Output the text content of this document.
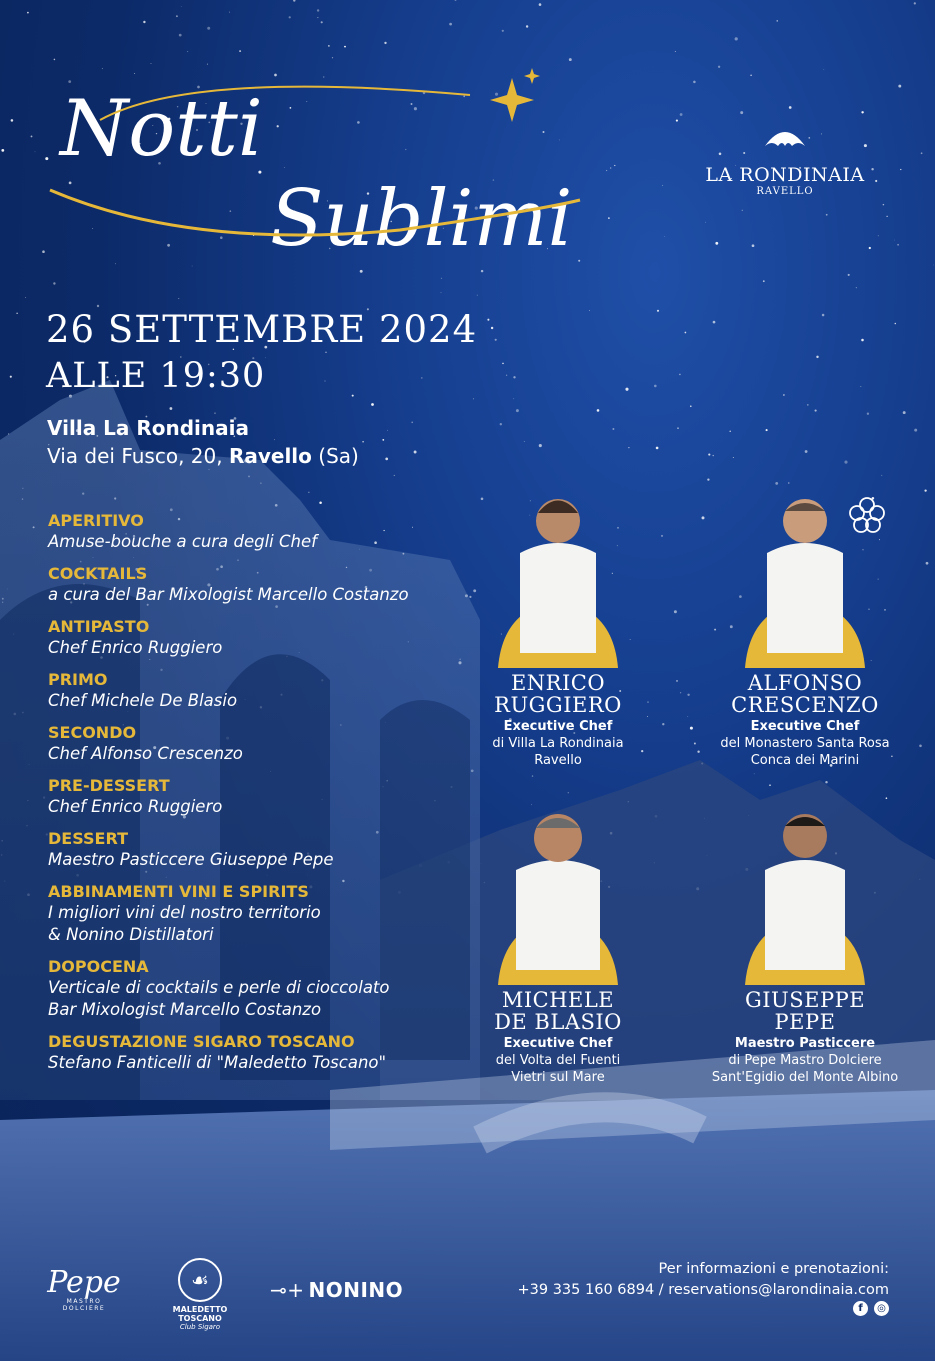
Notti
Sublimi	LA RONDINAIA
RAVELLO
26 SETTEMBRE 2024
ALLE 19:30
Villa La Rondinaia
Via dei Fusco, 20, Ravello (Sa)
APERITIVO
Amuse-bouche a cura degli Chef
COCKTAILS
a cura del Bar Mixologist Marcello Costanzo
ANTIPASTO
Chef Enrico Ruggiero
PRIMO
Chef Michele De Blasio
SECONDO
Chef Alfonso Crescenzo
PRE-DESSERT
Chef Enrico Ruggiero
DESSERT
Maestro Pasticcere Giuseppe Pepe
ABBINAMENTI VINI E SPIRITS
I migliori vini del nostro territorio
& Nonino Distillatori
DOPOCENA
Verticale di cocktails e perle di cioccolato
Bar Mixologist Marcello Costanzo
DEGUSTAZIONE SIGARO TOSCANO
Stefano Fanticelli di "Maledetto Toscano"
ENRICO
RUGGIERO
Executive Chef
di Villa La Rondinaia
Ravello
ALFONSO
CRESCENZO
Executive Chef
del Monastero Santa Rosa
Conca dei Marini
MICHELE
DE BLASIO
Executive Chef
del Volta del Fuenti
Vietri sul Mare
GIUSEPPE
PEPE
Maestro Pasticcere
di Pepe Mastro Dolciere
Sant'Egidio del Monte Albino
Pepe
MASTRO DOLCIERE
☙
MALEDETTO TOSCANO
Club Sigaro
⊸+ NONINO
Per informazioni e prenotazioni:
+39 335 160 6894 / reservations@larondinaia.com
f	◎
